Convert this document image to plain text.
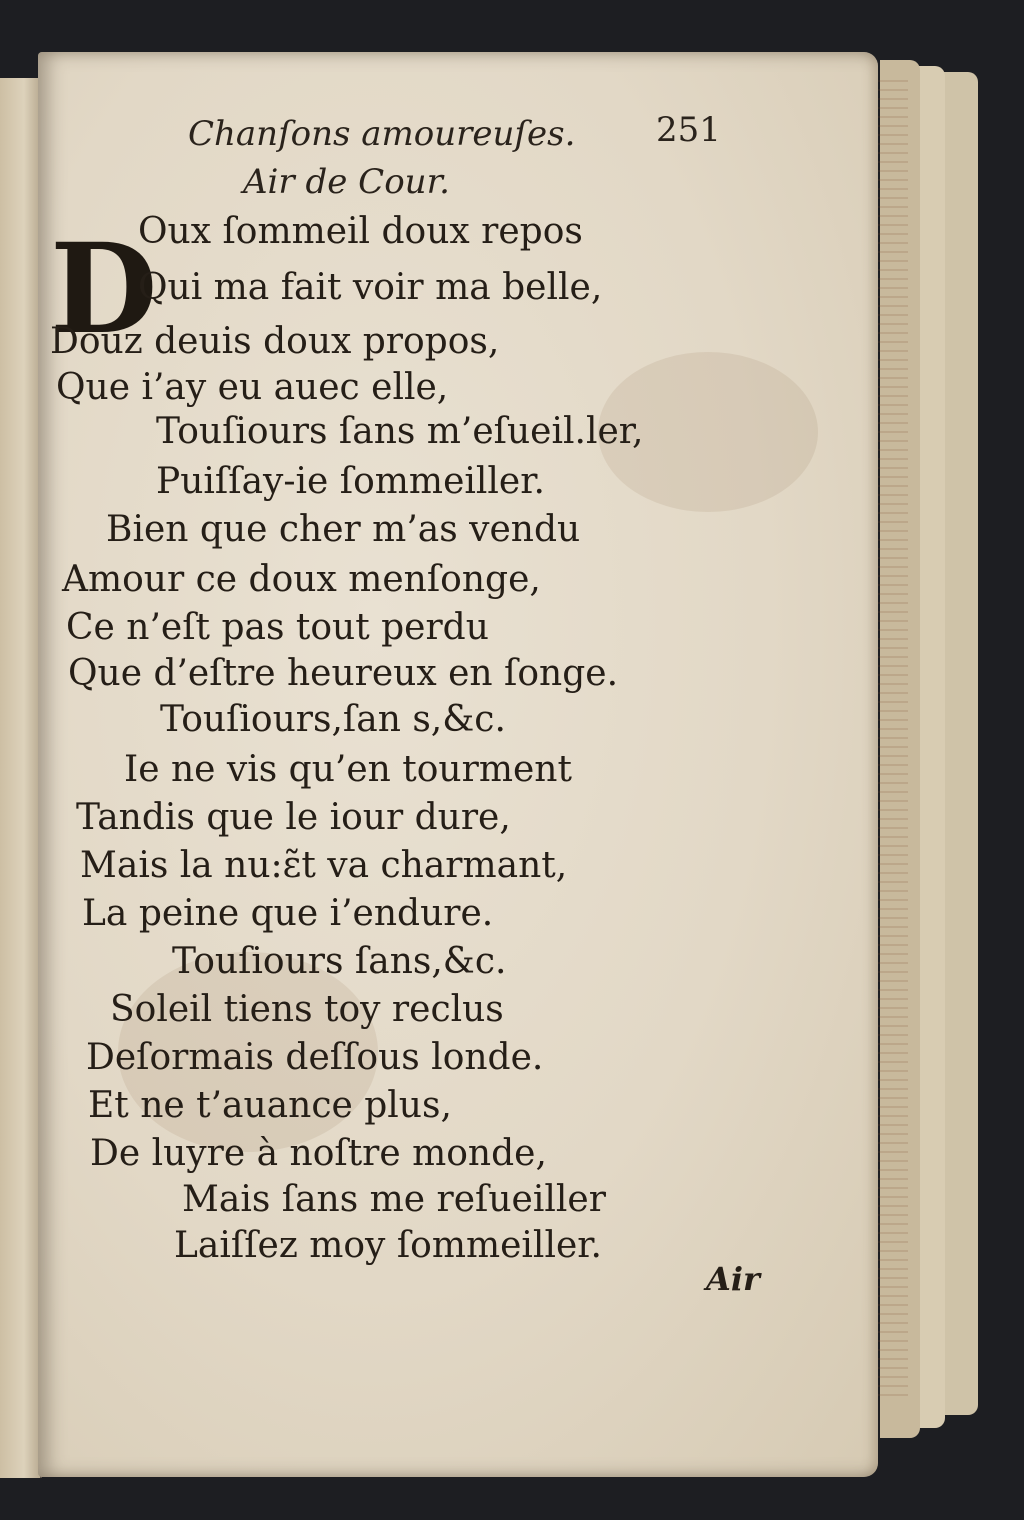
Chanſons amoureuſes.	251
Air de Cour.
D
Oux ſommeil doux repos
Qui ma fait voir ma belle,
Douz deuis doux propos,
Que i’ay eu auec elle,
Touſiours ſans m’eſueil.ler,
Puiſſay-ie ſommeiller.
Bien que cher m’as vendu
Amour ce doux menſonge,
Ce n’eſt pas tout perdu
Que d’eſtre heureux en ſonge.
Touſiours,ſan s,&c.
Ie ne vis qu’en tourment
Tandis que le iour dure,
Mais la nu:ɛ̃t va charmant,
La peine que i’endure.
Touſiours ſans,&c.
Soleil tiens toy reclus
Deſormais deſſous londe.
Et ne t’auance plus,
De luyre à noſtre monde,
Mais ſans me reſueiller
Laiſſez moy ſommeiller.
Air
